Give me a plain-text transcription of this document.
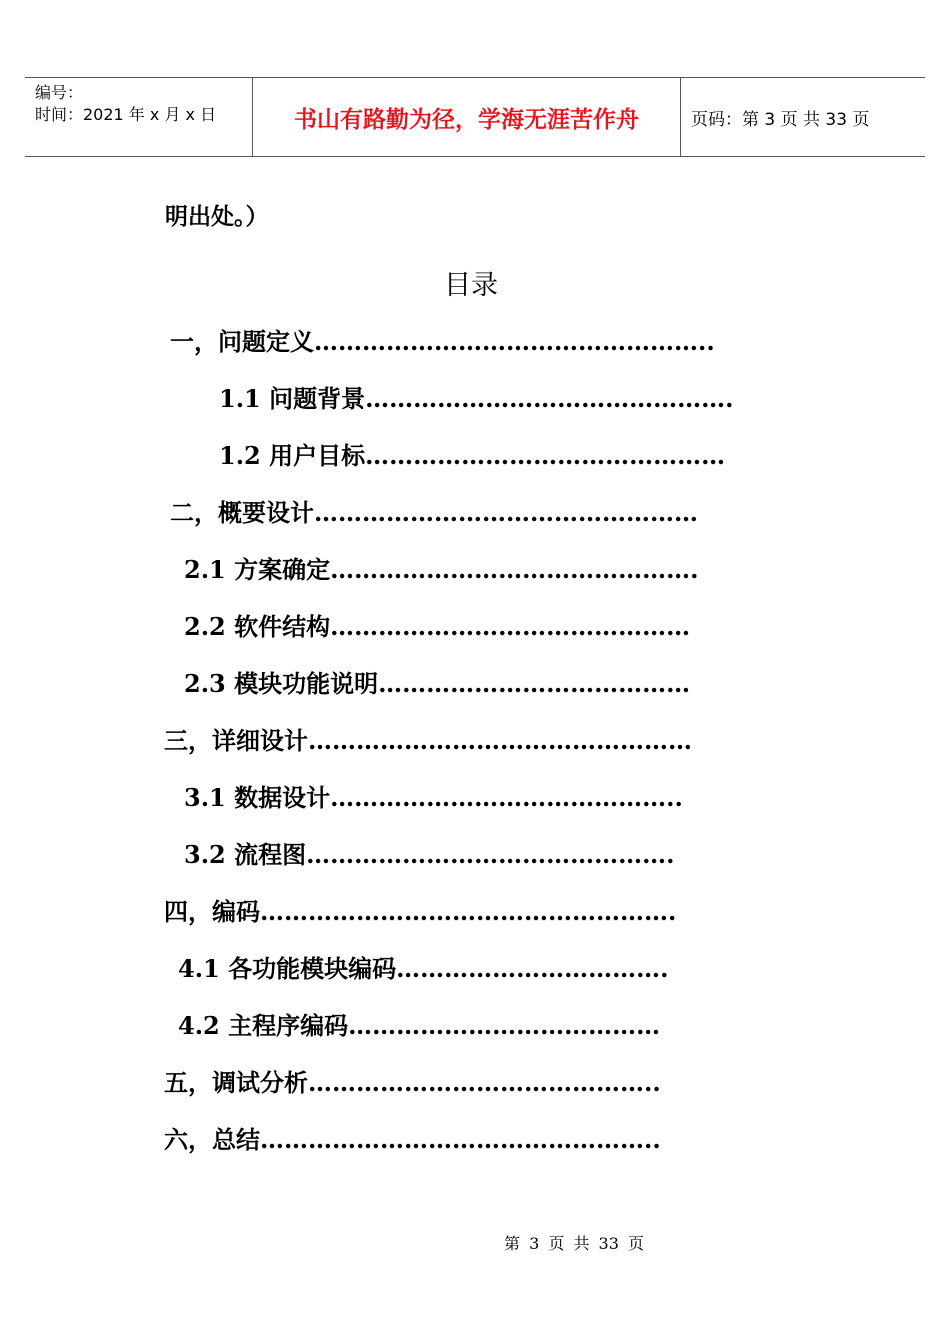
编号：
时间：2021 年 x 月 x 日	书山有路勤为径，学海无涯苦作舟	页码：第 3 页 共 33 页
明出处。）
目录
一，问题定义…………………………………………..
1.1 问题背景……………………………………….
1.2 用户目标………………………………………
二，概要设计…………………………………………
2.1 方案确定……………………………………….
2.2 软件结构………………………………………
2.3 模块功能说明…………………………………
三，详细设计…………………………………………
3.1 数据设计……………………………………..
3.2 流程图……………………………………….
四，编码…………………………………………….
4.1 各功能模块编码…………………………….
4.2 主程序编码…………………………………
五，调试分析……………………………………..
六，总结…………………………………………..
第 3 页 共 33 页
